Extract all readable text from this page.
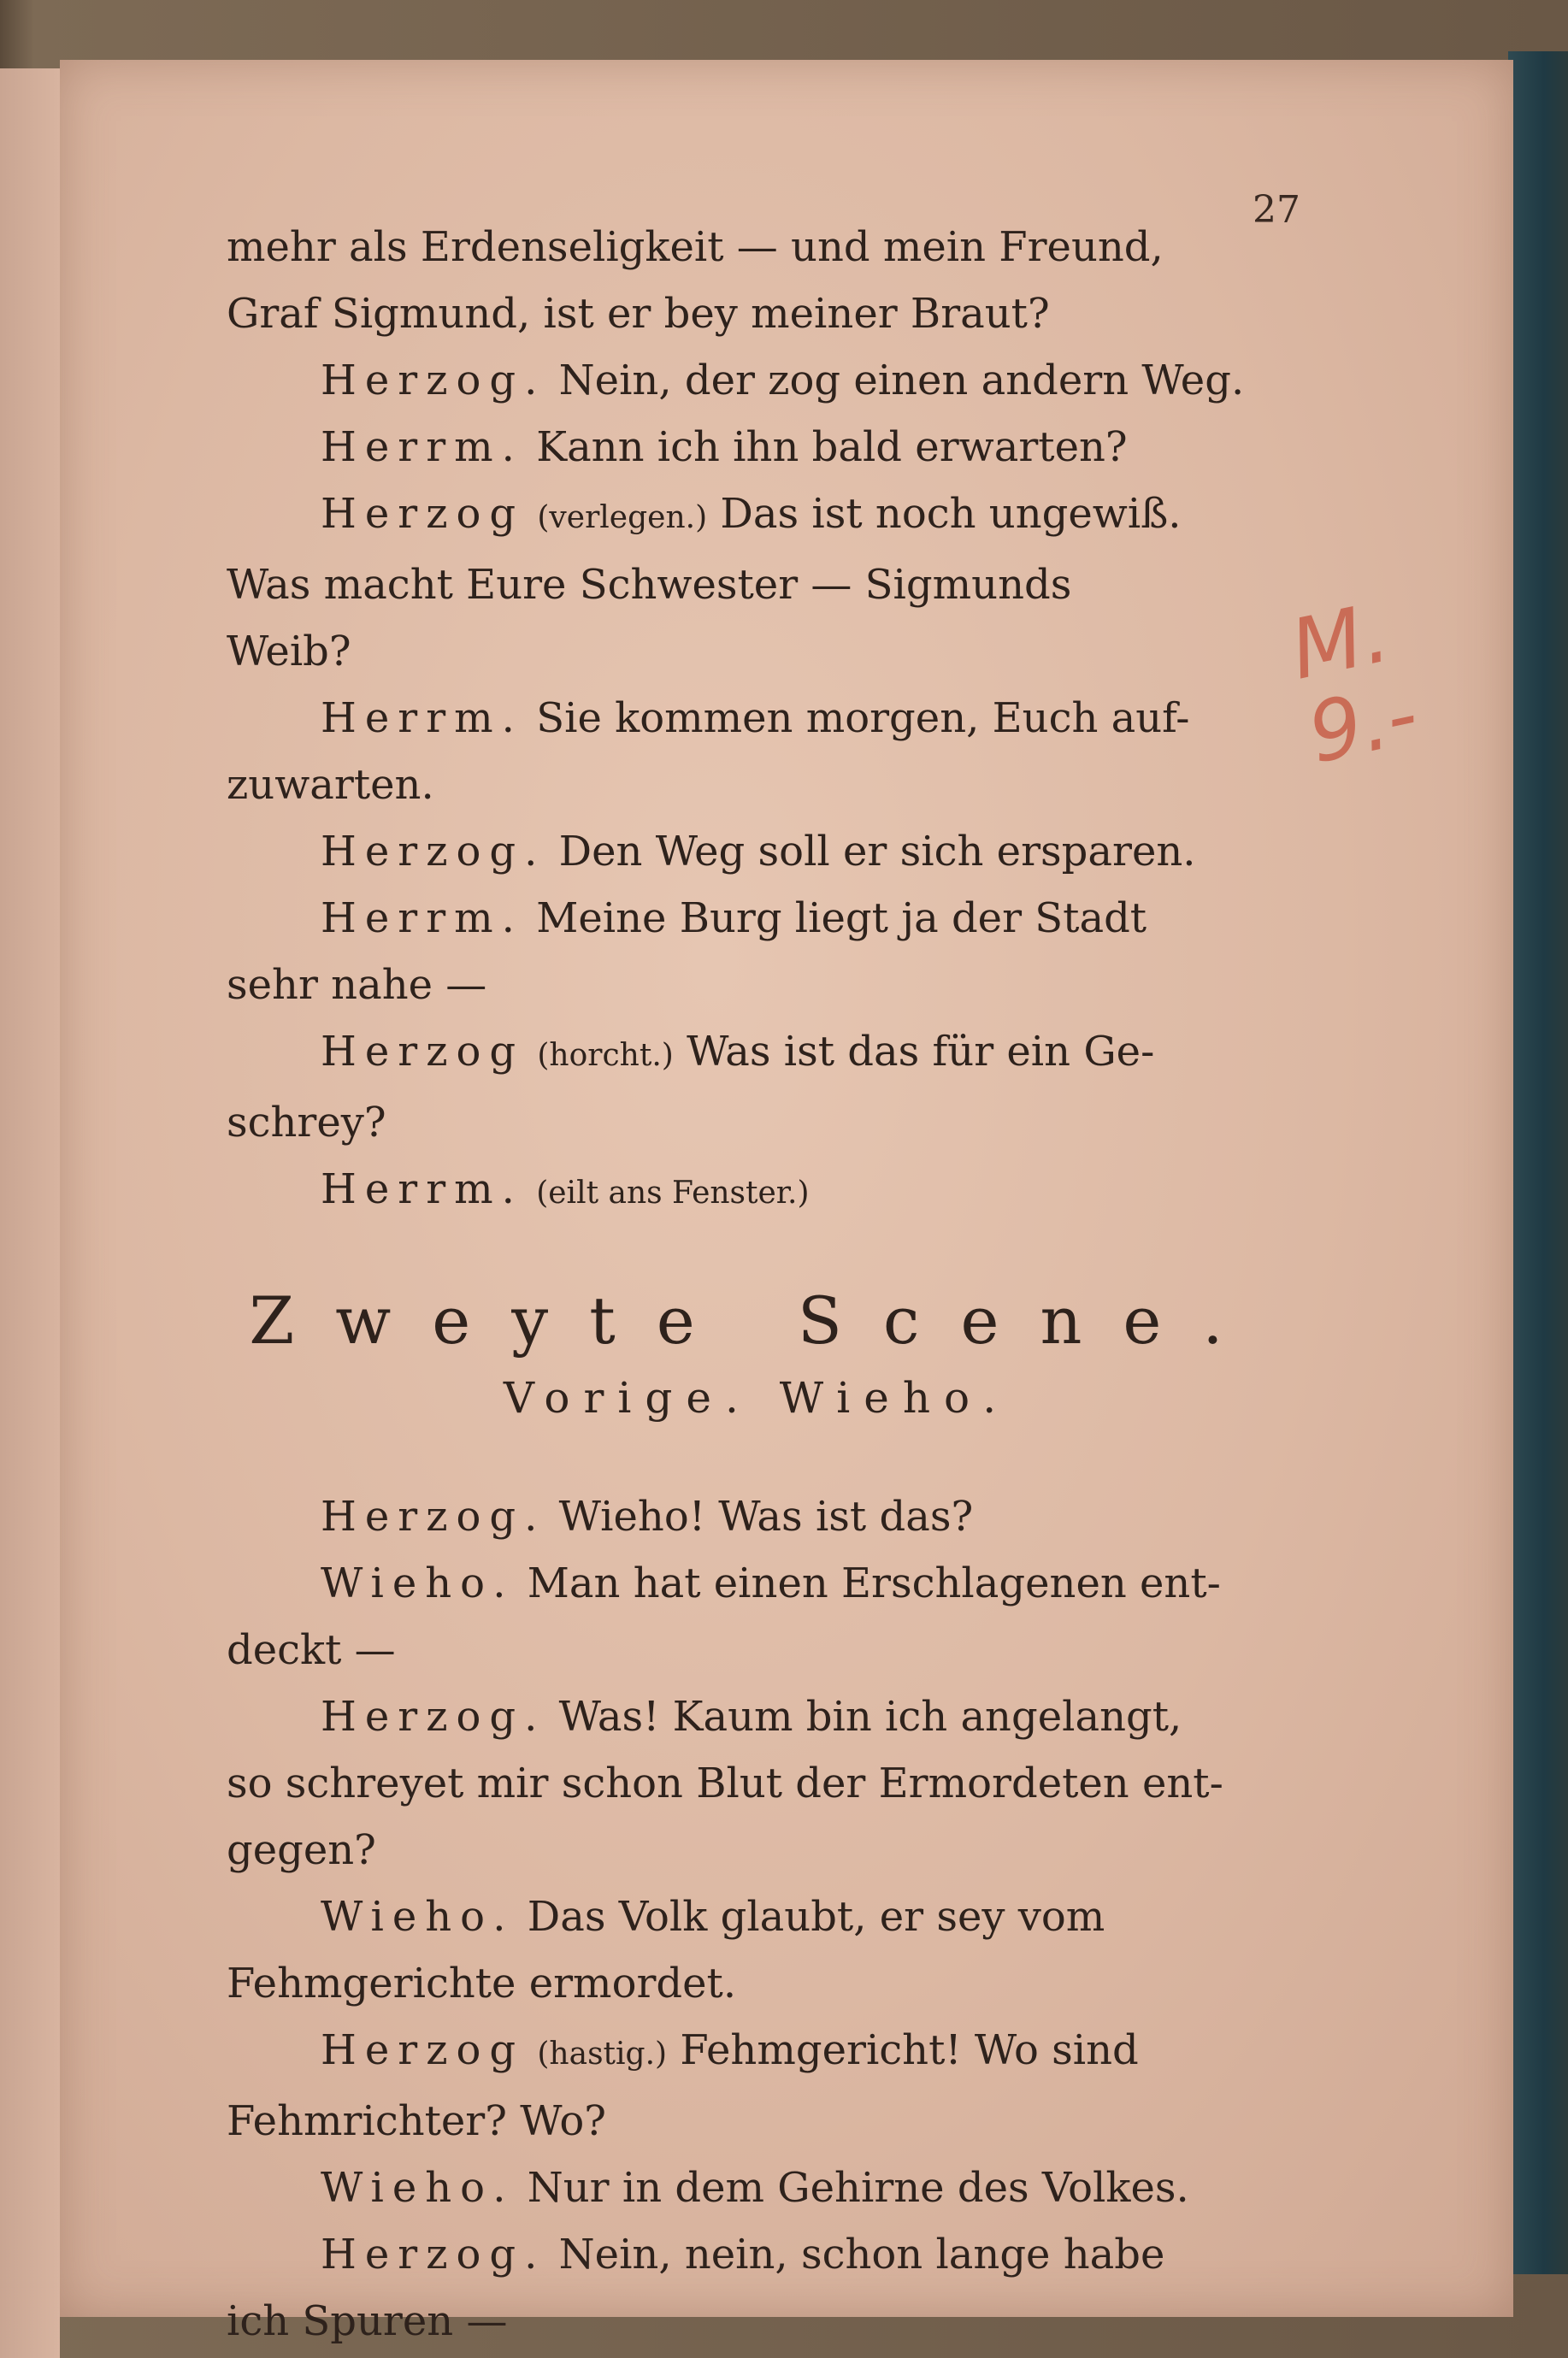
27
mehr als Erdenseligkeit — und mein Freund,
Graf Sigmund, ist er bey meiner Braut?
Herzog. Nein, der zog einen andern Weg.
Herrm. Kann ich ihn bald erwarten?
Herzog (verlegen.) Das ist noch ungewiß.
Was macht Eure Schwester — Sigmunds
Weib?
Herrm. Sie kommen morgen, Euch auf-
zuwarten.
Herzog. Den Weg soll er sich ersparen.
Herrm. Meine Burg liegt ja der Stadt
sehr nahe —
Herzog (horcht.) Was ist das für ein Ge-
schrey?
Herrm. (eilt ans Fenster.)
Zweyte Scene.
Vorige. Wieho.
Herzog. Wieho! Was ist das?
Wieho. Man hat einen Erschlagenen ent-
deckt —
Herzog. Was! Kaum bin ich angelangt,
so schreyet mir schon Blut der Ermordeten ent-
gegen?
Wieho. Das Volk glaubt, er sey vom
Fehmgerichte ermordet.
Herzog (hastig.) Fehmgericht! Wo sind
Fehmrichter? Wo?
Wieho. Nur in dem Gehirne des Volkes.
Herzog. Nein, nein, schon lange habe
ich Spuren —
M.
9.-
